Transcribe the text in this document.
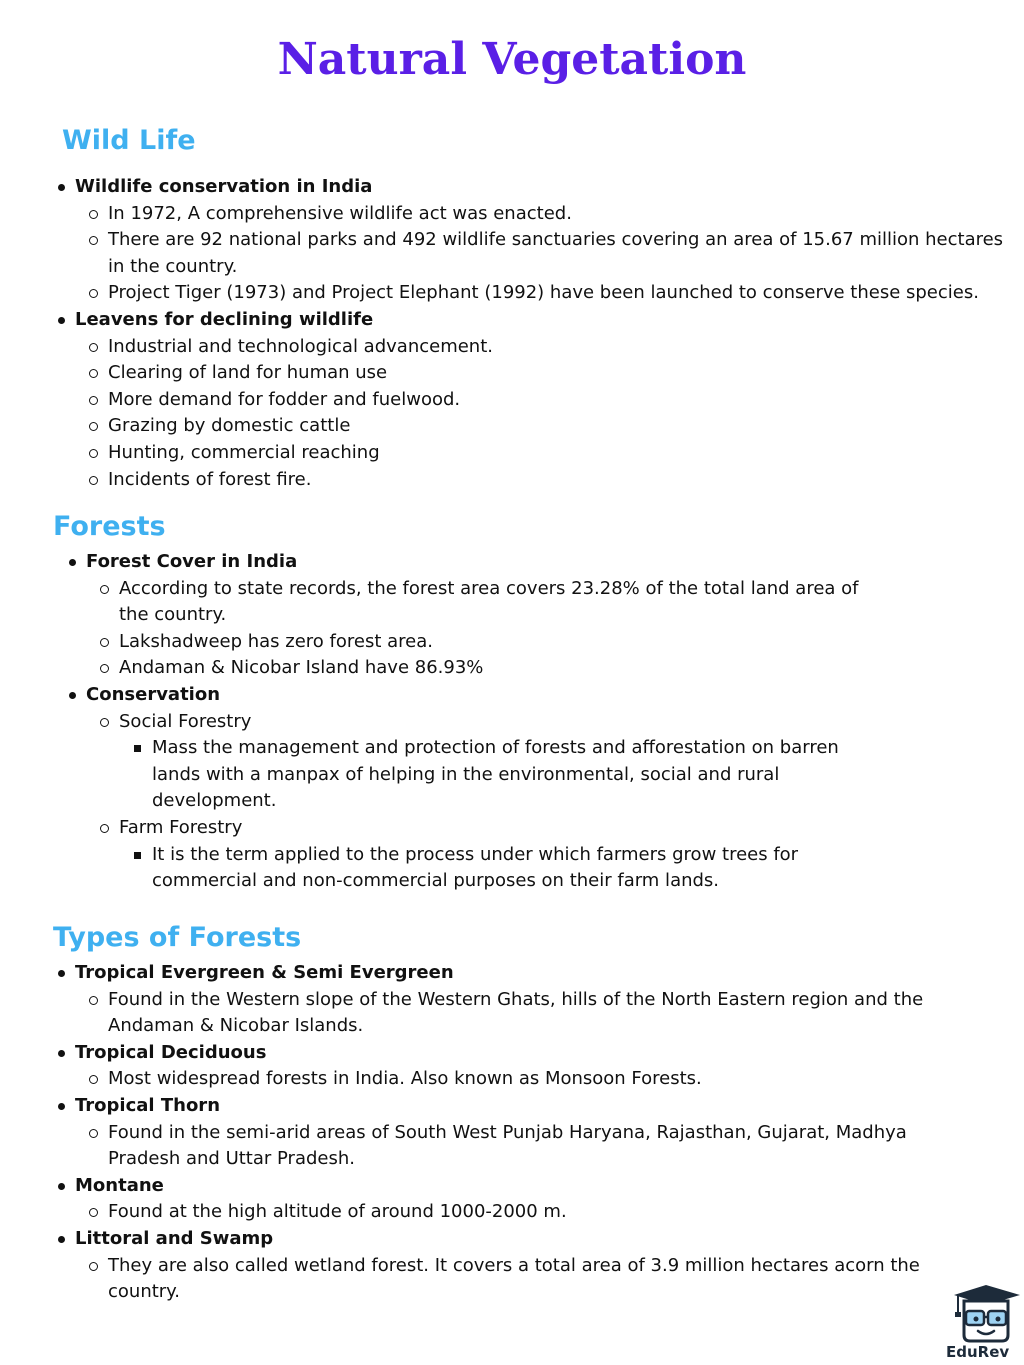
Natural Vegetation
Wild Life
Wildlife conservation in India
In 1972, A comprehensive wildlife act was enacted.
There are 92 national parks and 492 wildlife sanctuaries covering an area of 15.67 million hectares in the country.
Project Tiger (1973) and Project Elephant (1992) have been launched to conserve these species.
Leavens for declining wildlife
Industrial and technological advancement.
Clearing of land for human use
More demand for fodder and fuelwood.
Grazing by domestic cattle
Hunting, commercial reaching
Incidents of forest fire.
Forests
Forest Cover in India
According to state records, the forest area covers 23.28% of the total land area of the country.
Lakshadweep has zero forest area.
Andaman & Nicobar Island have 86.93%
Conservation
Social Forestry
Mass the management and protection of forests and afforestation on barren lands with a manpax of helping in the environmental, social and rural development.
Farm Forestry
It is the term applied to the process under which farmers grow trees for commercial and non-commercial purposes on their farm lands.
Types of Forests
Tropical Evergreen & Semi Evergreen
Found in the Western slope of the Western Ghats, hills of the North Eastern region and the Andaman & Nicobar Islands.
Tropical Deciduous
Most widespread forests in India. Also known as Monsoon Forests.
Tropical Thorn
Found in the semi-arid areas of South West Punjab Haryana, Rajasthan, Gujarat, Madhya Pradesh and Uttar Pradesh.
Montane
Found at the high altitude of around 1000-2000 m.
Littoral and Swamp
They are also called wetland forest. It covers a total area of 3.9 million hectares acorn the country.
EduRev
